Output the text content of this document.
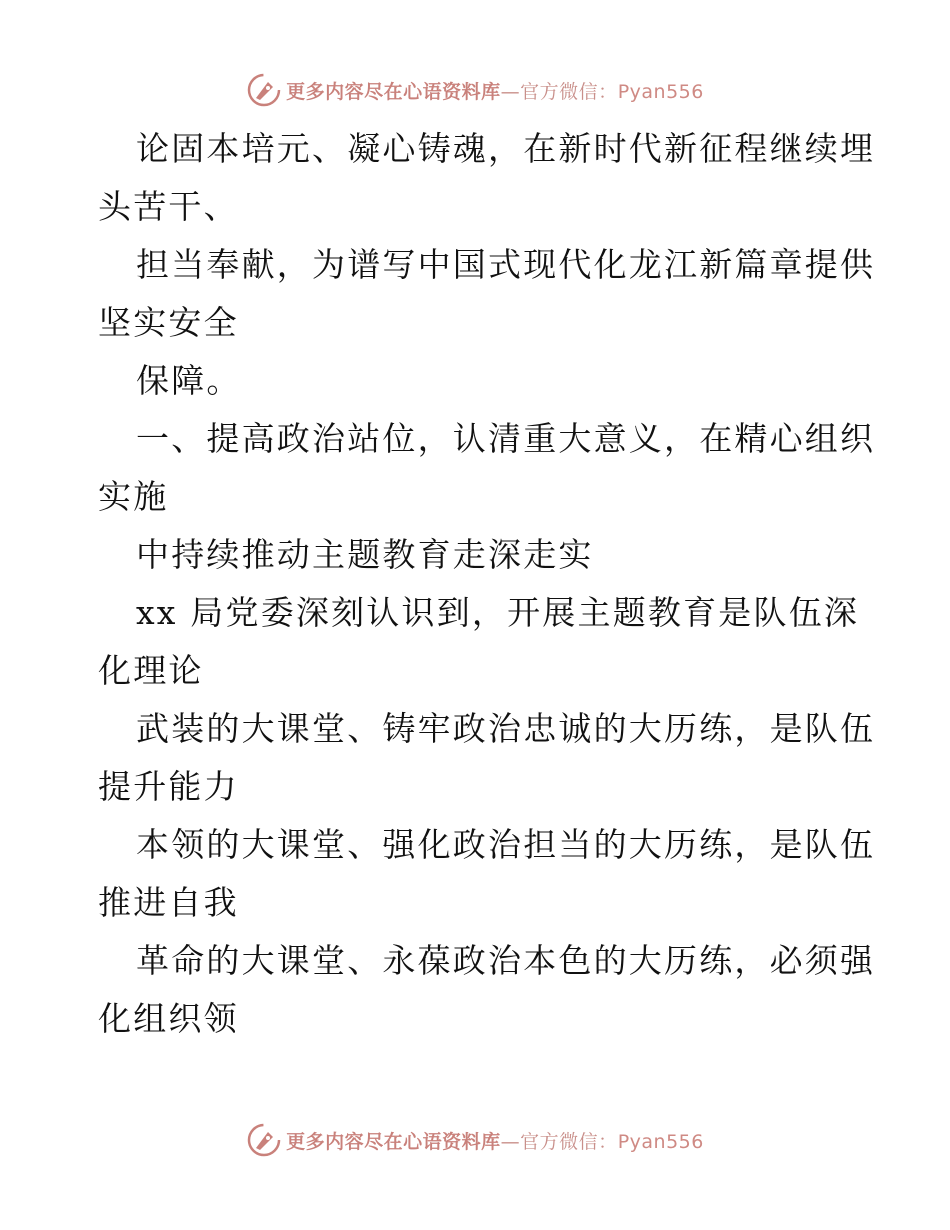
更多内容尽在心语资料库—官方微信：Pyan556
论固本培元、凝心铸魂，在新时代新征程继续埋
头苦干、
担当奉献，为谱写中国式现代化龙江新篇章提供
坚实安全
保障。
一、提高政治站位，认清重大意义，在精心组织
实施
中持续推动主题教育走深走实
xx 局党委深刻认识到，开展主题教育是队伍深
化理论
武装的大课堂、铸牢政治忠诚的大历练，是队伍
提升能力
本领的大课堂、强化政治担当的大历练，是队伍
推进自我
革命的大课堂、永葆政治本色的大历练，必须强
化组织领
更多内容尽在心语资料库—官方微信：Pyan556
